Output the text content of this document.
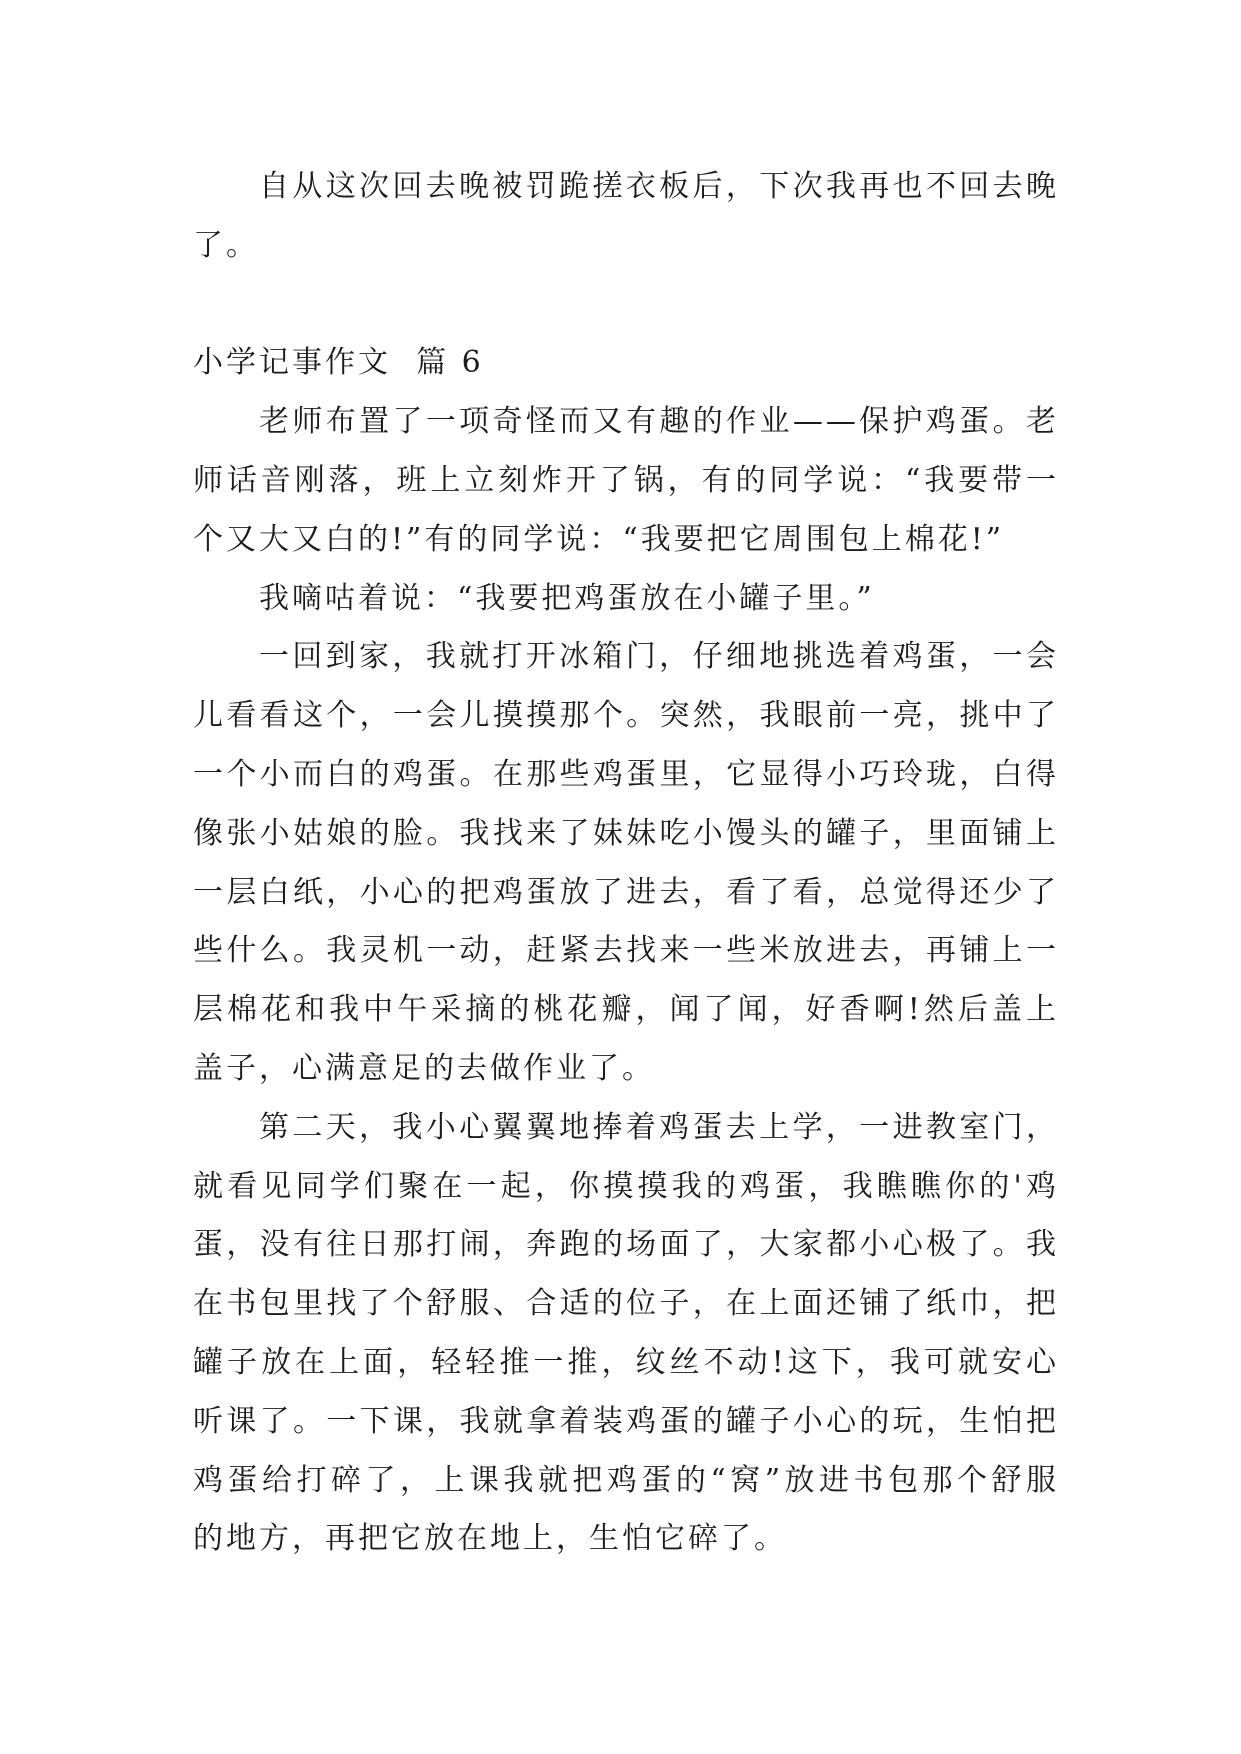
自从这次回去晚被罚跪搓衣板后，下次我再也不回去晚
了。
小学记事作文  篇 6
老师布置了一项奇怪而又有趣的作业——保护鸡蛋。老
师话音刚落，班上立刻炸开了锅，有的同学说：“我要带一
个又大又白的!”有的同学说：“我要把它周围包上棉花!”
我嘀咕着说：“我要把鸡蛋放在小罐子里。”
一回到家，我就打开冰箱门，仔细地挑选着鸡蛋，一会
儿看看这个，一会儿摸摸那个。突然，我眼前一亮，挑中了
一个小而白的鸡蛋。在那些鸡蛋里，它显得小巧玲珑，白得
像张小姑娘的脸。我找来了妹妹吃小馒头的罐子，里面铺上
一层白纸，小心的把鸡蛋放了进去，看了看，总觉得还少了
些什么。我灵机一动，赶紧去找来一些米放进去，再铺上一
层棉花和我中午采摘的桃花瓣，闻了闻，好香啊!然后盖上
盖子，心满意足的去做作业了。
第二天，我小心翼翼地捧着鸡蛋去上学，一进教室门，
就看见同学们聚在一起，你摸摸我的鸡蛋，我瞧瞧你的'鸡
蛋，没有往日那打闹，奔跑的场面了，大家都小心极了。我
在书包里找了个舒服、合适的位子，在上面还铺了纸巾，把
罐子放在上面，轻轻推一推，纹丝不动!这下，我可就安心
听课了。一下课，我就拿着装鸡蛋的罐子小心的玩，生怕把
鸡蛋给打碎了，上课我就把鸡蛋的“窝”放进书包那个舒服
的地方，再把它放在地上，生怕它碎了。
